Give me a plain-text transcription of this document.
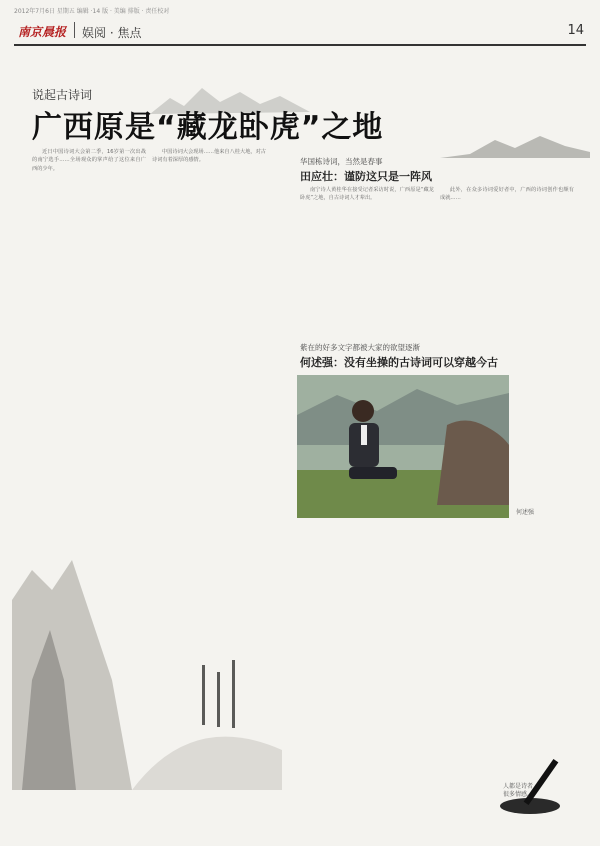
2012年7月6日 星期五 编辑 ·14 版 · 美编 排版 · 责任校对
南京晨报 娱阅 · 焦点	14
说起古诗词
广西原是“藏龙卧虎”之地

近日中国诗词大会第二季，16岁第一次出战的南宁选手……全场观众的掌声给了这位来自广西的少年。

中国诗词大会现场……他来自八桂大地，对古诗词有着深厚的感情。	华国栋诗词，当然是春事
田应壮：谨防这只是一阵风

南宁诗人黄桂华在接受记者采访时说，广西原是“藏龙卧虎”之地，自古诗词人才辈出。

此外，在众多诗词爱好者中，广西的诗词创作也颇有成就……

紫在的好多文字都被大家的欲望逐渐
何述强：没有坐操的古诗词可以穿越今古
何述强
人都是诗者
很多情感。
